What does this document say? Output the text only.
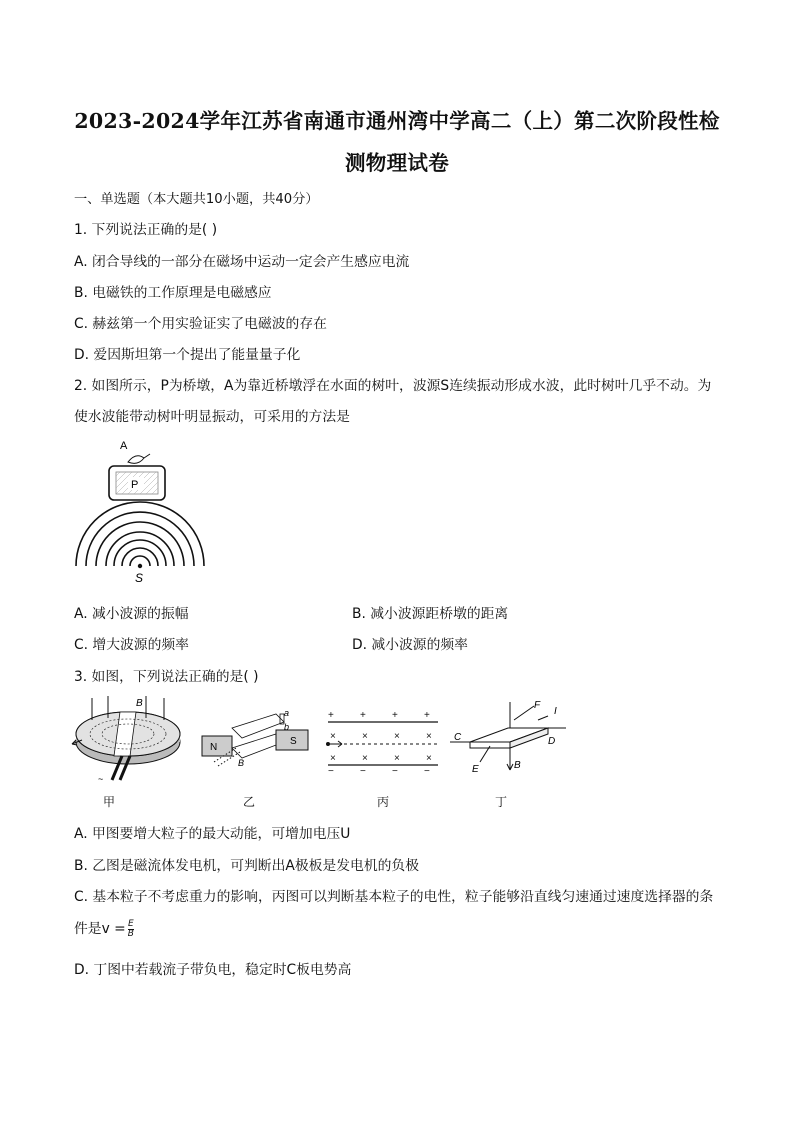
2023-2024学年江苏省南通市通州湾中学高二（上）第二次阶段性检
测物理试卷
一、单选题（本大题共10小题，共40分）
1. 下列说法正确的是( )
A. 闭合导线的一部分在磁场中运动一定会产生感应电流
B. 电磁铁的工作原理是电磁感应
C. 赫兹第一个用实验证实了电磁波的存在
D. 爱因斯坦第一个提出了能量量子化
2. 如图所示，P为桥墩，A为靠近桥墩浮在水面的树叶，波源S连续振动形成水波，此时树叶几乎不动。为
使水波能带动树叶明显振动，可采用的方法是
A
P
S
A. 减小波源的振幅	B. 减小波源距桥墩的距离
C. 增大波源的频率	D. 减小波源的频率
3. 如图，下列说法正确的是( )
B
~
甲
N
S
a
b
B
乙
+	+	+	+
×	×	×	×
×	×	×	×
−	−	−	−
丙
B
C	D
F
I
E
丁
A. 甲图要增大粒子的最大动能，可增加电压U
B. 乙图是磁流体发电机，可判断出A极板是发电机的负极
C. 基本粒子不考虑重力的影响，丙图可以判断基本粒子的电性，粒子能够沿直线匀速通过速度选择器的条
件是$v = \frac{E}{B}$
D. 丁图中若载流子带负电，稳定时C板电势高
